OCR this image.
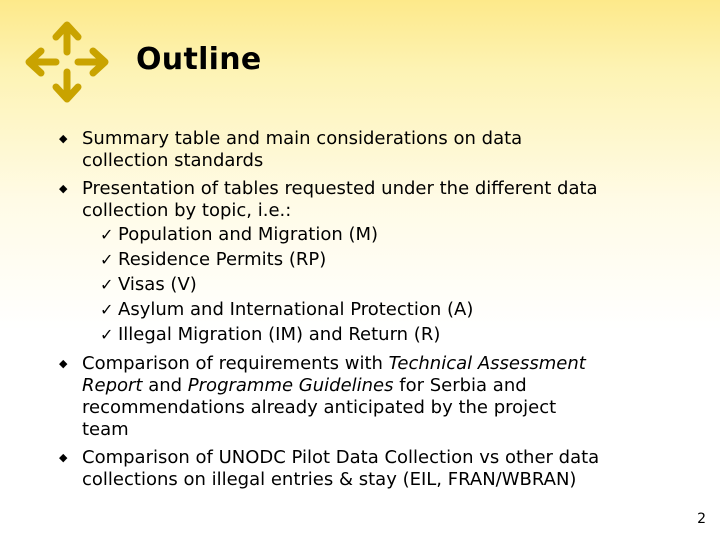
Outline
◆ Summary table and main considerations on data
collection standards
◆ Presentation of tables requested under the different data
collection by topic, i.e.:
✓ Population and Migration (M)
✓ Residence Permits (RP)
✓ Visas (V)
✓ Asylum and International Protection (A)
✓ Illegal Migration (IM) and Return (R)
◆ Comparison of requirements with Technical Assessment
Report and Programme Guidelines for Serbia and
recommendations already anticipated by the project
team
◆ Comparison of UNODC Pilot Data Collection vs other data
collections on illegal entries & stay (EIL, FRAN/WBRAN)
2
